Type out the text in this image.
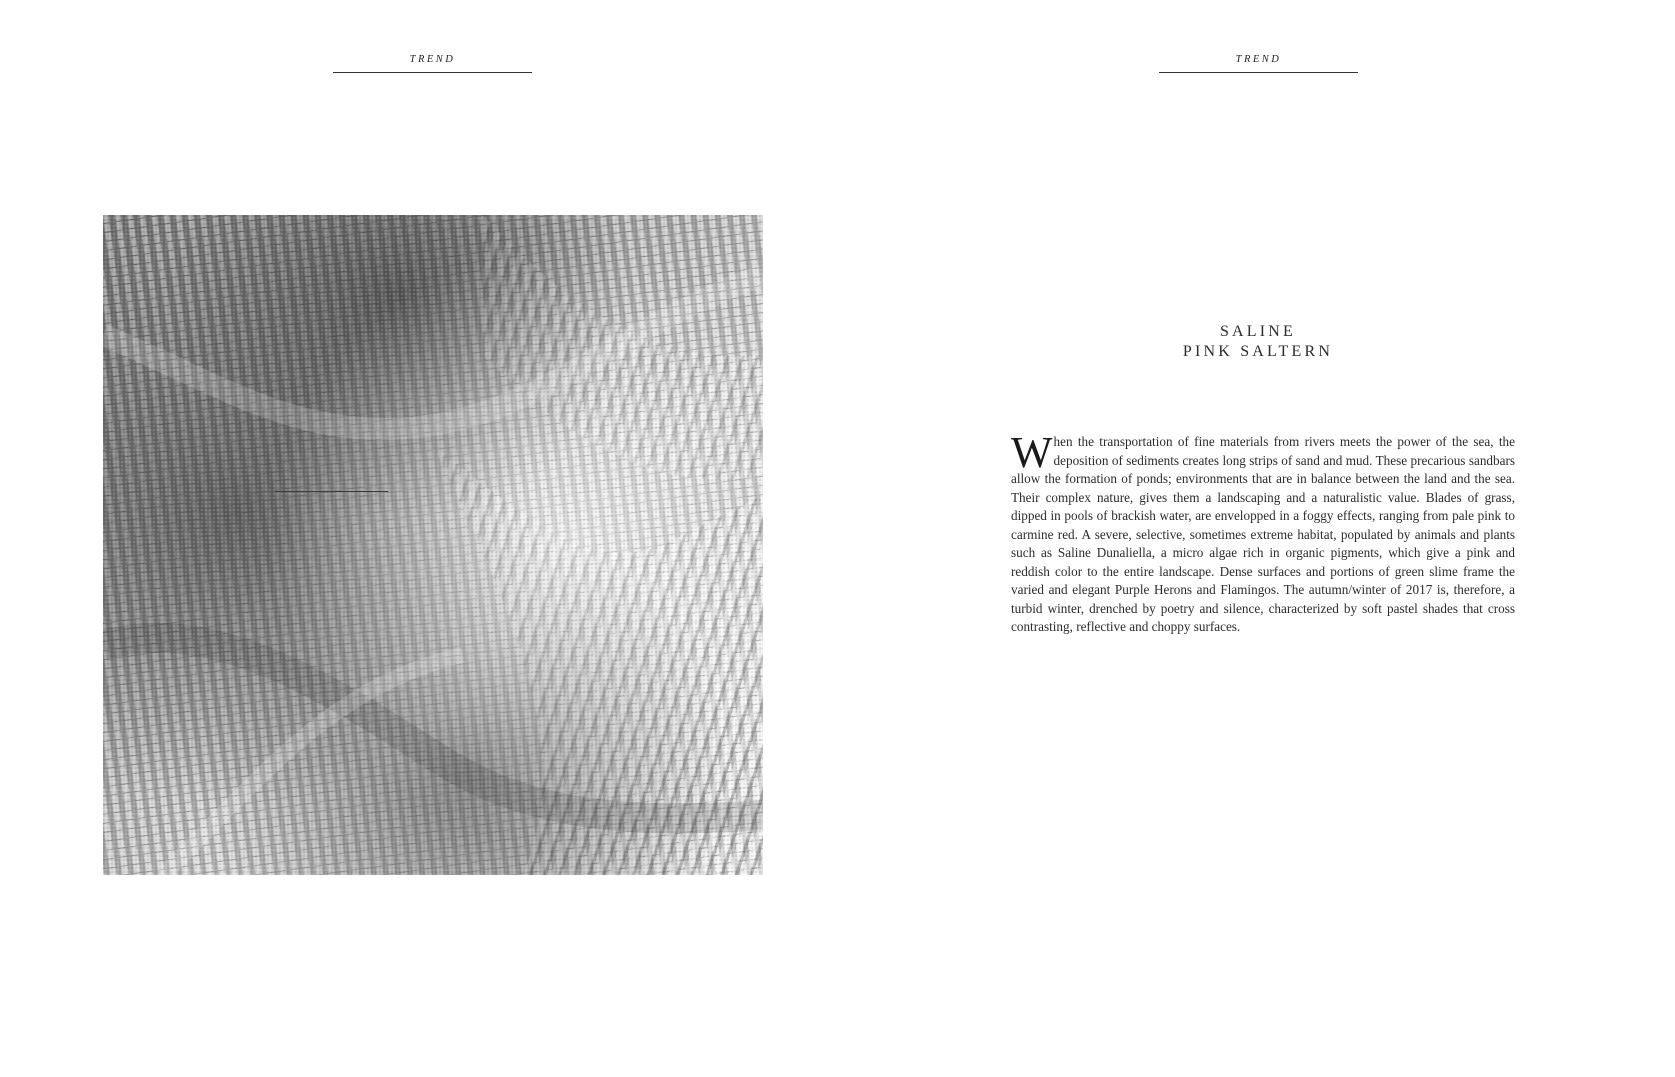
TREND	TREND
SALINE
PINK SALTERN
W hen the transportation of fine materials from rivers meets the power of the sea, the deposition of sediments creates long strips of sand and mud. These precarious sandbars allow the formation of ponds; environments that are in balance between the land and the sea. Their complex nature, gives them a landscaping and a naturalistic value. Blades of grass, dipped in pools of brackish water, are envelopped in a foggy effects, ranging from pale pink to carmine red. A severe, selective, sometimes extreme habitat, populated by animals and plants such as Saline Dunaliella, a micro algae rich in organic pigments, which give a pink and reddish color to the entire landscape. Dense surfaces and portions of green slime frame the varied and elegant Purple Herons and Flamingos. The autumn/winter of 2017 is, therefore, a turbid winter, drenched by poetry and silence, characterized by soft pastel shades that cross contrasting, reflective and choppy surfaces.
